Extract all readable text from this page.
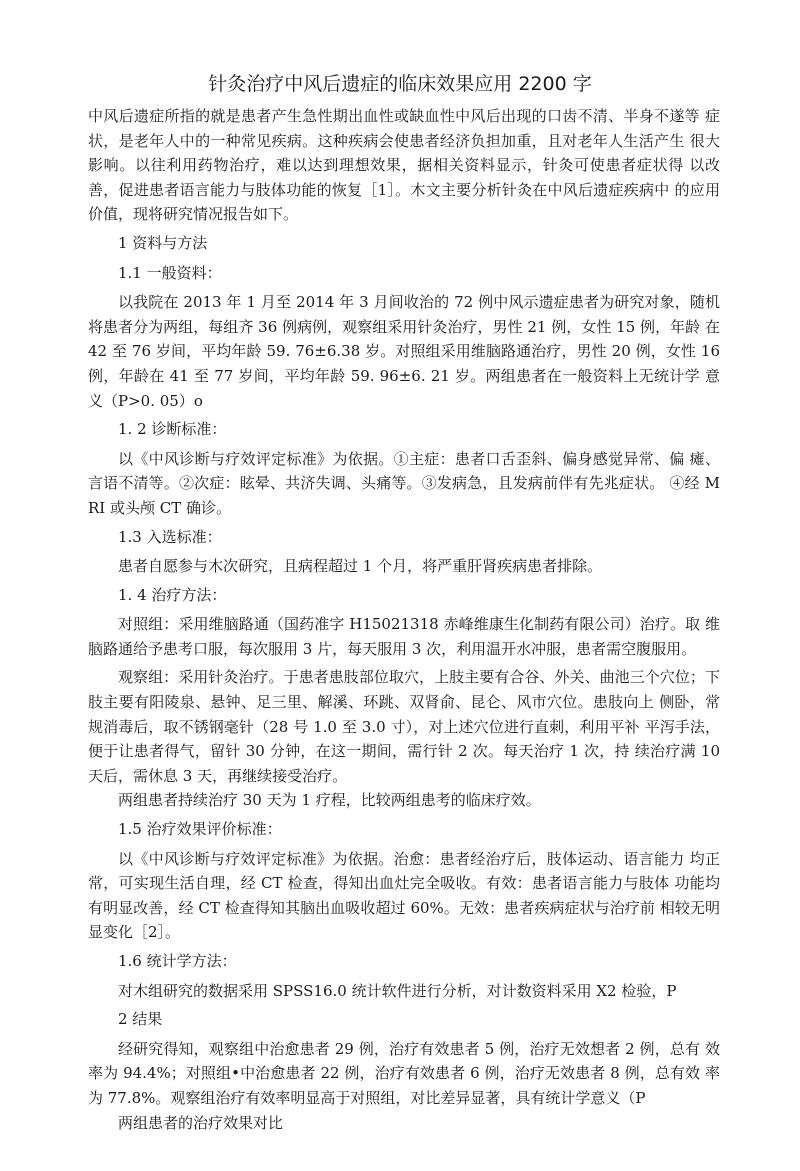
针灸治疗中风后遗症的临床效果应用 2200 字

中风后遗症所指的就是患者产生急性期出血性或缺血性中风后出现的口齿不清、半身不遂等 症状，是老年人中的一种常见疾病。这种疾病会使患者经济负担加重，且对老年人生活产生 很大影响。以往利用药物治疗，难以达到理想效果，据相关资料显示，针灸可使患者症状得 以改善，促进患者语言能力与肢体功能的恢复［1］。木文主要分析针灸在中风后遗症疾病中 的应用价值，现将研究情况报告如下。

1 资料与方法

1.1 一般资料：

以我院在 2013 年 1 月至 2014 年 3 月间收治的 72 例中风示遗症患者为研究对象，随机 将患者分为两组，每组齐 36 例病例，观察组采用针灸治疗，男性 21 例，女性 15 例，年龄 在 42 至 76 岁间，平均年龄 59. 76±6.38 岁。对照组采用维脑路通治疗，男性 20 例，女性 16 例，年龄在 41 至 77 岁间，平均年龄 59. 96±6. 21 岁。两组患者在一般资料上无统计学 意义（P>0. 05）o

1. 2 诊断标准：

以《中风诊断与疗效评定标准》为依据。①主症：患者口舌歪斜、偏身感觉异常、偏 瘫、言语不清等。②次症：眩晕、共济失调、头痛等。③发病急，且发病前伴有先兆症状。 ④经 MRI 或头颅 CT 确诊。

1.3 入选标准：

患者自愿参与木次研究，且病程超过 1 个月，将严重肝肾疾病患者排除。

1. 4 治疗方法：

对照组：采用维脑路通（国药准字 H15021318 赤峰维康生化制药有限公司）治疗。取 维脑路通给予患考口服，每次服用 3 片，每天服用 3 次，利用温开水冲服，患者需空腹服用。

观察组：采用针灸治疗。于患者患肢部位取穴，上肢主要有合谷、外关、曲池三个穴位；下肢主要有阳陵泉、悬钟、足三里、解溪、环跳、双肾俞、昆仑、风市穴位。患肢向上 侧卧，常规消毒后，取不锈钢毫针（28 号 1.0 至 3.0 寸），对上述穴位进行直刺，利用平补 平泻手法，便于让患者得气，留针 30 分钟，在这一期间，需行针 2 次。每天治疗 1 次，持 续治疗满 10 天后，需休息 3 天，再继续接受治疗。

两组患者持续治疗 30 天为 1 疗程，比较两组患考的临床疗效。

1.5 治疗效果评价标准：

以《中风诊断与疗效评定标准》为依据。治愈：患者经治疗后，肢体运动、语言能力 均正常，可实现生活自理，经 CT 检查，得知出血灶完全吸收。有效：患者语言能力与肢体 功能均有明显改善，经 CT 检查得知其脑出血吸收超过 60%。无效：患者疾病症状与治疗前 相较无明显变化［2］。

1.6 统计学方法：

对木组研究的数据采用 SPSS16.0 统计软件进行分析，对计数资料采用 X2 检验，P

2 结果

经研究得知，观察组中治愈患者 29 例，治疗有效患者 5 例，治疗无效想者 2 例，总有 效率为 94.4%；对照组•中治愈患者 22 例，治疗有效患者 6 例，治疗无效患者 8 例，总有效 率为 77.8%。观察组治疗有效率明显高于对照组，对比差异显著，具有统计学意义（P

两组患者的治疗效果对比
